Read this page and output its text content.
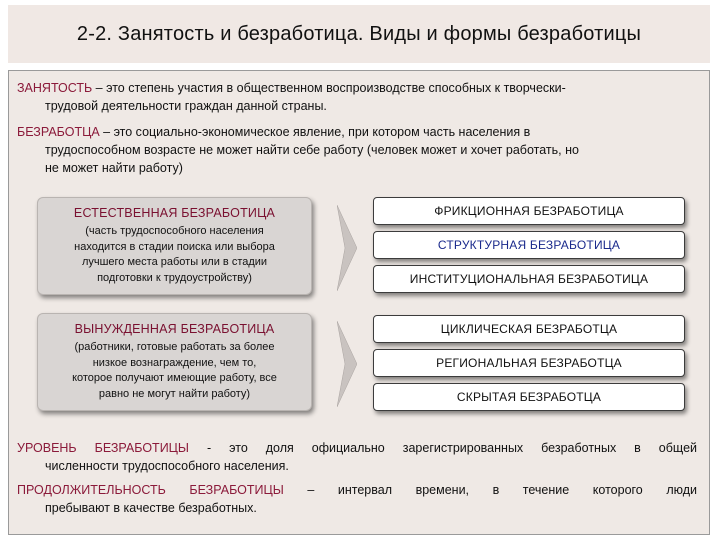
2-2. Занятость и безработица. Виды и формы безработицы
ЗАНЯТОСТЬ – это степень участия в общественном воспроизводстве способных к творчески-
трудовой деятельности граждан данной страны.
БЕЗРАБОТЦА – это социально-экономическое явление, при котором часть населения в
трудоспособном возрасте не может найти себе работу (человек может и хочет работать, но
не может найти работу)
ЕСТЕСТВЕННАЯ БЕЗРАБОТИЦА
(часть трудоспособного населения
находится в стадии поиска или выбора
лучшего места работы или в стадии
подготовки к трудоустройству)
ВЫНУЖДЕННАЯ БЕЗРАБОТИЦА
(работники, готовые работать за более
низкое вознаграждение, чем то,
которое получают имеющие работу, все
равно не могут найти работу)
ФРИКЦИОННАЯ БЕЗРАБОТИЦА
СТРУКТУРНАЯ БЕЗРАБОТИЦА
ИНСТИТУЦИОНАЛЬНАЯ БЕЗРАБОТИЦА
ЦИКЛИЧЕСКАЯ БЕЗРАБОТЦА
РЕГИОНАЛЬНАЯ БЕЗРАБОТЦА
СКРЫТАЯ БЕЗРАБОТЦА
УРОВЕНЬ БЕЗРАБОТИЦЫ - это доля официально зарегистрированных безработных в общей
численности трудоспособного населения.
ПРОДОЛЖИТЕЛЬНОСТЬ БЕЗРАБОТИЦЫ – интервал времени, в течение которого люди
пребывают в качестве безработных.
